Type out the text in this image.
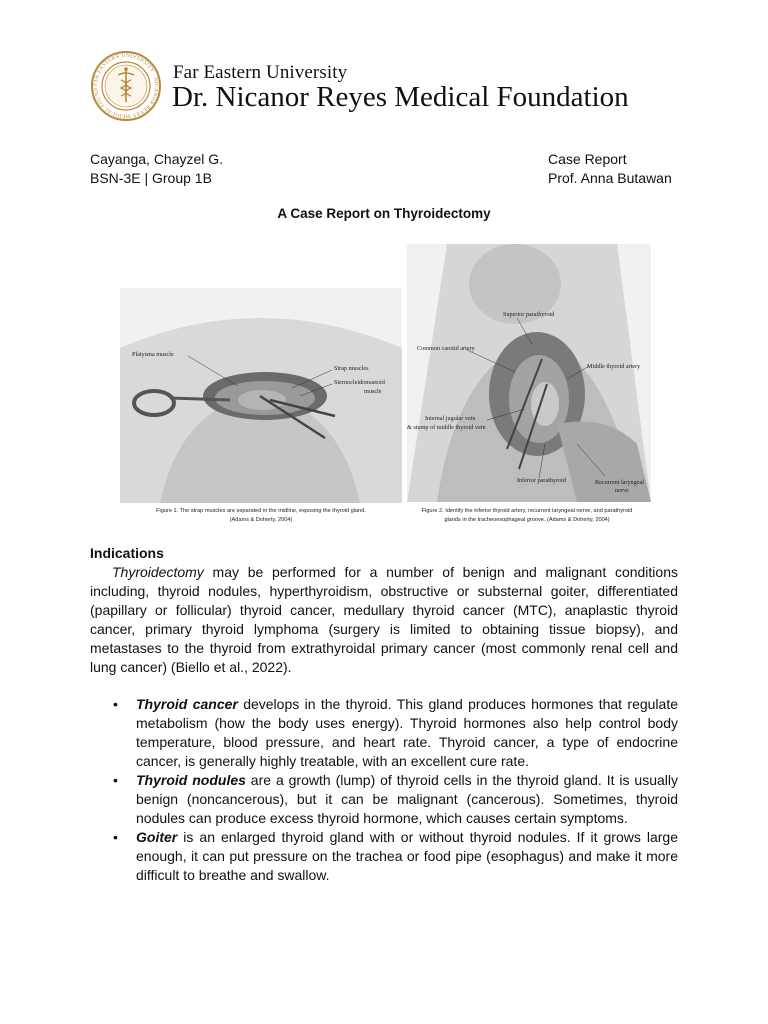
FAR EASTERN UNIVERSITY · NICANOR REYES MEDICAL FOUND
Far Eastern University
Dr. Nicanor Reyes Medical Foundation
Cayanga, Chayzel G.
BSN-3E | Group 1B
Case Report
Prof. Anna Butawan
A Case Report on Thyroidectomy
Platysma muscle
Strap muscles
Sternocleidomastoid
muscle
Figure 1. The strap muscles are separated in the midline, exposing the thyroid gland.
(Adams & Doherty, 2004)
Superior parathyroid
Common carotid artery
Middle thyroid artery
Internal jugular vein
& stump of middle thyroid vein
Inferior parathyroid	Recurrent laryngeal
nerve
Figure 2. Identify the inferior thyroid artery, recurrent laryngeal nerve, and parathyroid
glands in the tracheoesophageal groove. (Adams & Doherty, 2004)
Indications
Thyroidectomy may be performed for a number of benign and malignant conditions including, thyroid nodules, hyperthyroidism, obstructive or substernal goiter, differentiated (papillary or follicular) thyroid cancer, medullary thyroid cancer (MTC), anaplastic thyroid cancer, primary thyroid lymphoma (surgery is limited to obtaining tissue biopsy), and metastases to the thyroid from extrathyroidal primary cancer (most commonly renal cell and lung cancer) (Biello et al., 2022).
• Thyroid cancer develops in the thyroid. This gland produces hormones that regulate metabolism (how the body uses energy). Thyroid hormones also help control body temperature, blood pressure, and heart rate. Thyroid cancer, a type of endocrine cancer, is generally highly treatable, with an excellent cure rate.
• Thyroid nodules are a growth (lump) of thyroid cells in the thyroid gland. It is usually benign (noncancerous), but it can be malignant (cancerous). Sometimes, thyroid nodules can produce excess thyroid hormone, which causes certain symptoms.
• Goiter is an enlarged thyroid gland with or without thyroid nodules. If it grows large enough, it can put pressure on the trachea or food pipe (esophagus) and make it more difficult to breathe and swallow.
